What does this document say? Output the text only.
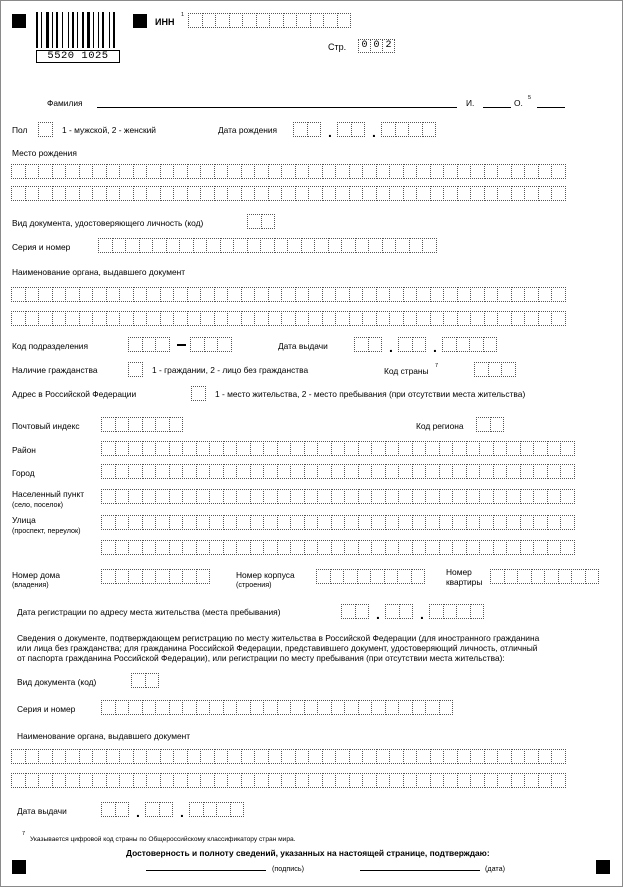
5520 1025
ИНН
1
Стр.	0 0 2
Фамилия	И.	О. 5
Пол	1 - мужской, 2 - женский	Дата рождения	.	.
Место рождения
Вид документа, удостоверяющего личность (код)
Серия и номер
Наименование органа, выдавшего документ
Код подразделения	Дата выдачи	.	.
Наличие гражданства	1 - граждании, 2 - лицо без гражданства	Код страны 7
Адрес в Российской Федерации	1 - место жительства, 2 - место пребывания (при отсутствии места жительства)
Почтовый индекс	Код региона
Район
Город
Населенный пункт
(село, поселок)
Улица
(проспект, переулок)
Номер дома
(владения)
Номер корпуса
(строения)
Номер
квартиры
Дата регистрации по адресу места жительства (места пребывания)	.	.
Сведения о документе, подтверждающем регистрацию по месту жительства в Российской Федерации (для иностранного гражданина
или лица без гражданства; для гражданина Российской Федерации, представившего документ, удостоверяющий личность, отличный
от паспорта гражданина Российской Федерации), или регистрации по месту пребывания (при отсутствии места жительства):
Вид документа (код)
Серия и номер
Наименование органа, выдавшего документ
Дата выдачи	.	.
7
Указывается цифровой код страны по Общероссийскому классификатору стран мира.
Достоверность и полноту сведений, указанных на настоящей странице, подтверждаю:
(подпись)	(дата)
